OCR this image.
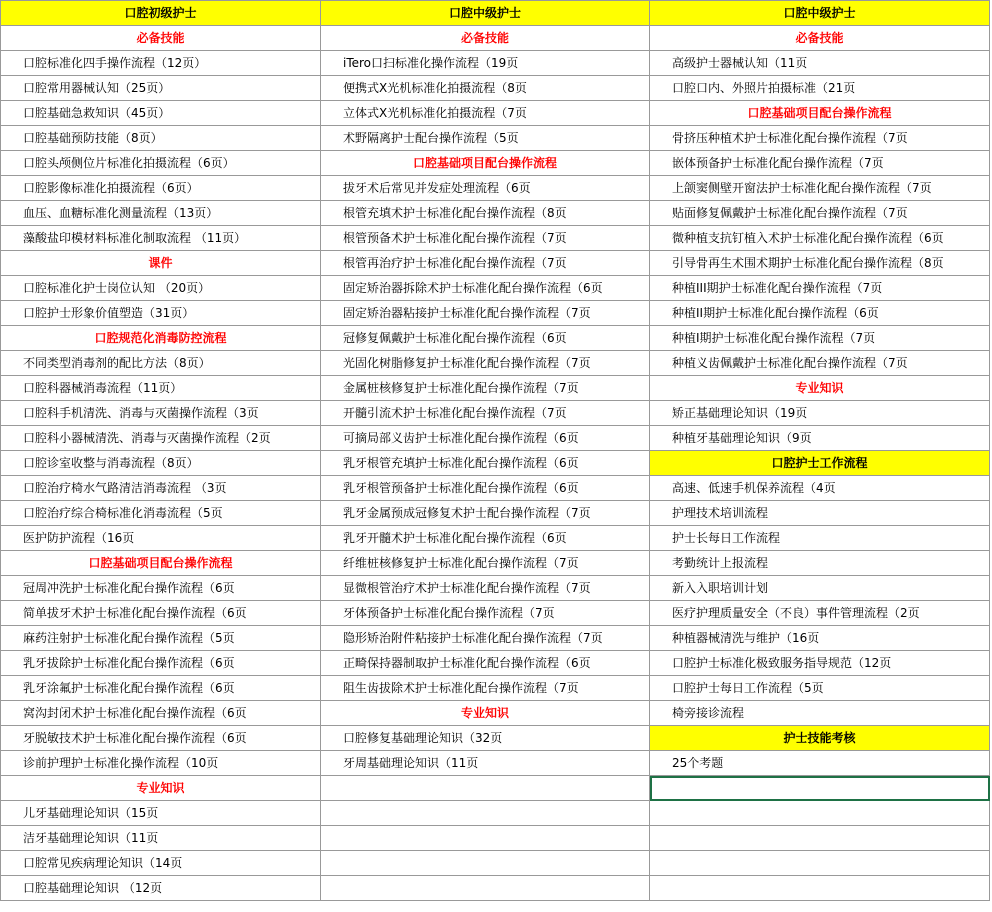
口腔初级护士	口腔中级护士	口腔中级护士
必备技能	必备技能	必备技能
口腔标准化四手操作流程（12页）	iTero口扫标准化操作流程（19页	高级护士器械认知（11页
口腔常用器械认知（25页）	便携式X光机标准化拍摄流程（8页	口腔口内、外照片拍摄标准（21页
口腔基础急救知识（45页）	立体式X光机标准化拍摄流程（7页	口腔基础项目配台操作流程
口腔基础预防技能（8页）	术野隔离护士配台操作流程（5页	骨挤压种植术护士标准化配台操作流程（7页
口腔头颅侧位片标准化拍摄流程（6页）	口腔基础项目配台操作流程	嵌体预备护士标准化配台操作流程（7页
口腔影像标准化拍摄流程（6页）	拔牙术后常见并发症处理流程（6页	上颌窦侧壁开窗法护士标准化配台操作流程（7页
血压、血糖标准化测量流程（13页）	根管充填术护士标准化配台操作流程（8页	贴面修复佩戴护士标准化配台操作流程（7页
藻酸盐印模材料标准化制取流程 （11页）	根管预备术护士标准化配台操作流程（7页	微种植支抗钉植入术护士标准化配台操作流程（6页
课件	根管再治疗护士标准化配台操作流程（7页	引导骨再生术围术期护士标准化配台操作流程（8页
口腔标准化护士岗位认知 （20页）	固定矫治器拆除术护士标准化配台操作流程（6页	种植III期护士标准化配台操作流程（7页
口腔护士形象价值塑造（31页）	固定矫治器粘接护士标准化配台操作流程（7页	种植II期护士标准化配台操作流程（6页
口腔规范化消毒防控流程	冠修复佩戴护士标准化配台操作流程（6页	种植I期护士标准化配台操作流程（7页
不同类型消毒剂的配比方法（8页）	光固化树脂修复护士标准化配台操作流程（7页	种植义齿佩戴护士标准化配台操作流程（7页
口腔科器械消毒流程（11页）	金属桩核修复护士标准化配台操作流程（7页	专业知识
口腔科手机清洗、消毒与灭菌操作流程（3页	开髓引流术护士标准化配台操作流程（7页	矫正基础理论知识（19页
口腔科小器械清洗、消毒与灭菌操作流程（2页	可摘局部义齿护士标准化配台操作流程（6页	种植牙基础理论知识（9页
口腔诊室收整与消毒流程（8页）	乳牙根管充填护士标准化配台操作流程（6页	口腔护士工作流程
口腔治疗椅水气路清洁消毒流程 （3页	乳牙根管预备护士标准化配台操作流程（6页	高速、低速手机保养流程（4页
口腔治疗综合椅标准化消毒流程（5页	乳牙金属预成冠修复术护士配台操作流程（7页	护理技术培训流程
医护防护流程（16页	乳牙开髓术护士标准化配台操作流程（6页	护士长每日工作流程
口腔基础项目配台操作流程	纤维桩核修复护士标准化配台操作流程（7页	考勤统计上报流程
冠周冲洗护士标准化配台操作流程（6页	显微根管治疗术护士标准化配台操作流程（7页	新入入职培训计划
简单拔牙术护士标准化配台操作流程（6页	牙体预备护士标准化配台操作流程（7页	医疗护理质量安全（不良）事件管理流程（2页
麻药注射护士标准化配台操作流程（5页	隐形矫治附件粘接护士标准化配台操作流程（7页	种植器械清洗与维护（16页
乳牙拔除护士标准化配台操作流程（6页	正畸保持器制取护士标准化配台操作流程（6页	口腔护士标准化极致服务指导规范（12页
乳牙涂氟护士标准化配台操作流程（6页	阻生齿拔除术护士标准化配台操作流程（7页	口腔护士每日工作流程（5页
窝沟封闭术护士标准化配台操作流程（6页	专业知识	椅旁接诊流程
牙脱敏技术护士标准化配台操作流程（6页	口腔修复基础理论知识（32页	护士技能考核
诊前护理护士标准化操作流程（10页	牙周基础理论知识（11页	25个考题
专业知识		
儿牙基础理论知识（15页		
洁牙基础理论知识（11页		
口腔常见疾病理论知识（14页		
口腔基础理论知识 （12页		
